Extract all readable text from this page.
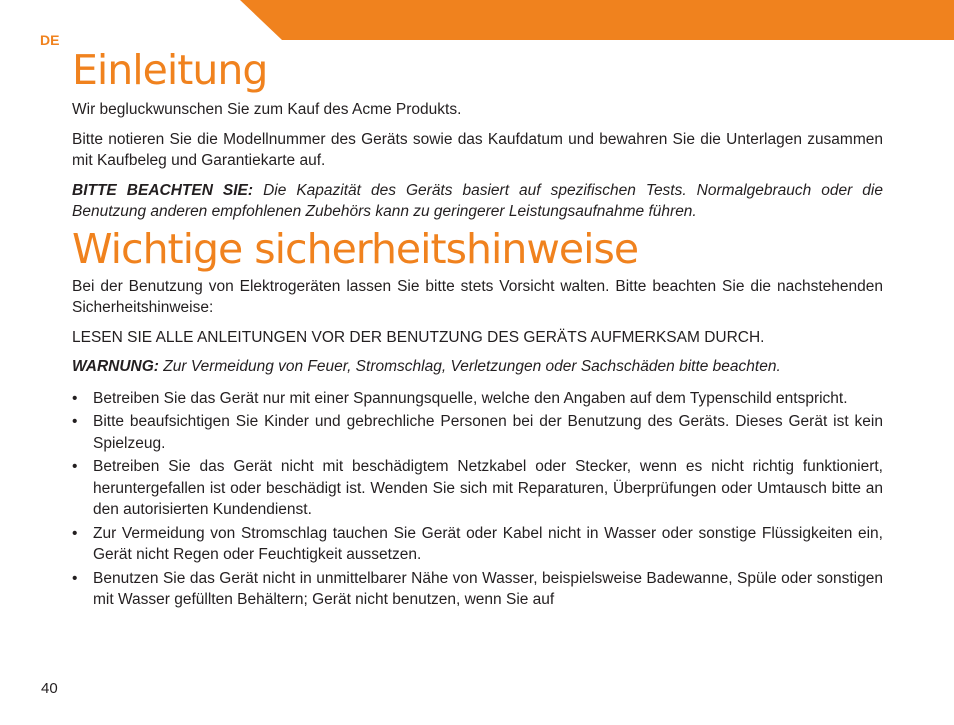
DE
Einleitung

Wir begluckwunschen Sie zum Kauf des Acme Produkts.

Bitte notieren Sie die Modellnummer des Geräts sowie das Kaufdatum und bewahren Sie die Unterlagen zusammen mit Kaufbeleg und Garantiekarte auf.

BITTE BEACHTEN SIE: Die Kapazität des Geräts basiert auf spezifischen Tests. Normalgebrauch oder die Benutzung anderen empfohlenen Zubehörs kann zu geringerer Leistungsaufnahme führen.

Wichtige sicherheitshinweise

Bei der Benutzung von Elektrogeräten lassen Sie bitte stets Vorsicht walten. Bitte beachten Sie die nachstehenden Sicherheitshinweise:

LESEN SIE ALLE ANLEITUNGEN VOR DER BENUTZUNG DES GERÄTS AUFMERKSAM DURCH.

WARNUNG: Zur Vermeidung von Feuer, Stromschlag, Verletzungen oder Sachschäden bitte beachten.

• Betreiben Sie das Gerät nur mit einer Spannungsquelle, welche den Angaben auf dem Typenschild entspricht.
• Bitte beaufsichtigen Sie Kinder und gebrechliche Personen bei der Benutzung des Geräts. Dieses Gerät ist kein Spielzeug.
• Betreiben Sie das Gerät nicht mit beschädigtem Netzkabel oder Stecker, wenn es nicht richtig funktioniert, heruntergefallen ist oder beschädigt ist. Wenden Sie sich mit Reparaturen, Überprüfungen oder Umtausch bitte an den autorisierten Kundendienst.
• Zur Vermeidung von Stromschlag tauchen Sie Gerät oder Kabel nicht in Wasser oder sonstige Flüssigkeiten ein, Gerät nicht Regen oder Feuchtigkeit aussetzen.
• Benutzen Sie das Gerät nicht in unmittelbarer Nähe von Wasser, beispielsweise Badewanne, Spüle oder sonstigen mit Wasser gefüllten Behältern; Gerät nicht benutzen, wenn Sie auf
40
